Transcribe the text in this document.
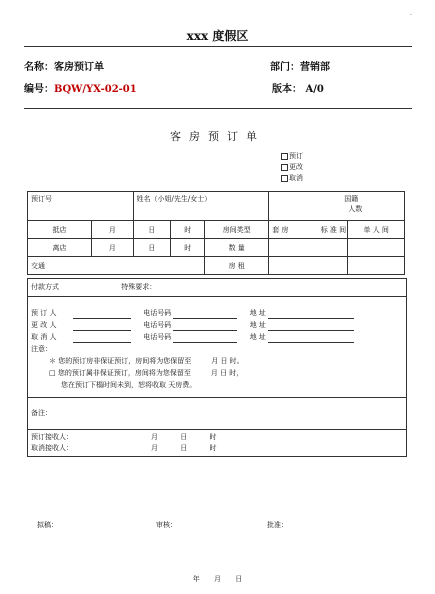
.
xxx 度假区
名称：客房预订单	部门：营销部
编号：BQW/YX-02-01	版本： A/0
客房预订单
预订
更改
取消
预订号		姓名（小姐/先生/女士）			国籍
人数	

抵店	月	日	时	房间类型	套 房 标 准 间	单 人 间
离店	月	日	时	数 量		
交通				房 租		
付款方式	特殊要求：
预 订 人	电话号码	地 址
更 改 人	电话号码	地 址
取 消 人	电话号码	地 址
注意：
＊ 您的预订房非保证预订，房间将为您保留至	月 日 时。
□ 您的预订属非保证预订，房间将为您保留至	月 日 时，
您在预订下榻时间未到，恕将收取 天房费。
备注：
预订接收人：	月          日          时
取消接收人：	月          日          时
拟稿：	审核：	批准：
年 月 日
